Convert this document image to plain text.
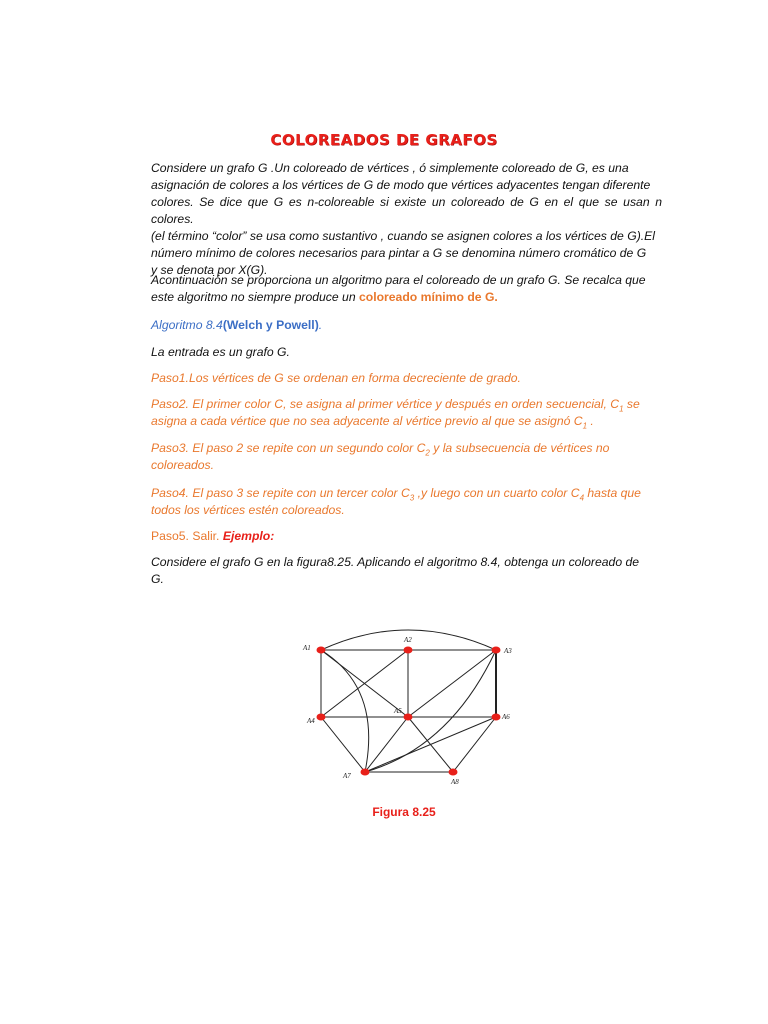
COLOREADOS DE GRAFOS

Considere un grafo G .Un coloreado de vértices , ó simplemente coloreado de G, es una
asignación de colores a los vértices de G de modo que vértices adyacentes tengan diferente
colores. Se dice que G es n-coloreable si existe un coloreado de G en el que se usan n colores.
(el término “color” se usa como sustantivo , cuando se asignen colores a los vértices de G).El
número mínimo de colores necesarios para pintar a G se denomina número cromático de G
y se denota por X(G).

Acontinuación se proporciona un algoritmo para el coloreado de un grafo G. Se recalca que
este algoritmo no siempre produce un coloreado mínimo de G.

Algoritmo 8.4(Welch y Powell).

La entrada es un grafo G.

Paso1.Los vértices de G se ordenan en forma decreciente de grado.

Paso2. El primer color C, se asigna al primer vértice y después en orden secuencial, $C_1$ se
asigna a cada vértice que no sea adyacente al vértice previo al que se asignó $C_1$ .

Paso3. El paso 2 se repite con un segundo color $C_2$ y la subsecuencia de vértices no
coloreados.

Paso4. El paso 3 se repite con un tercer color $C_3$ ,y luego con un cuarto color $C_4$ hasta que
todos los vértices estén coloreados.

Paso5. Salir. Ejemplo:

Considere el grafo G en la figura8.25. Aplicando el algoritmo 8.4, obtenga un coloreado de
G.

A1
A2
A3
A4
A5
A6
A7
A8
Figura 8.25
